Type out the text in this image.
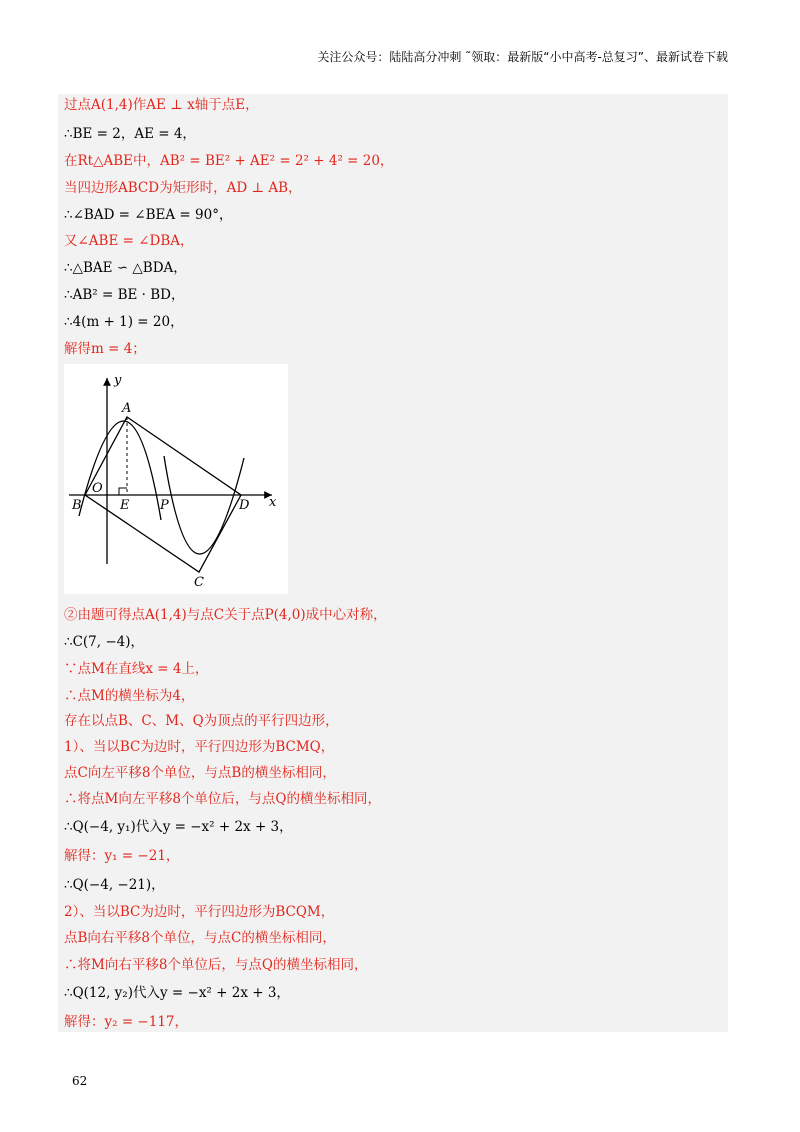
关注公众号：陆陆高分冲刺 ˜领取：最新版“小中高考-总复习”、最新试卷下载
过点A(1,4)作AE ⊥ x轴于点E，
∴BE = 2，AE = 4，
在Rt△ABE中，AB² = BE² + AE² = 2² + 4² = 20，
当四边形ABCD为矩形时，AD ⊥ AB，
∴∠BAD = ∠BEA = 90°，
又∠ABE = ∠DBA，
∴△BAE ∽ △BDA，
∴AB² = BE · BD，
∴4(m + 1) = 20，
解得m = 4；
y
x
A
O
B	E P	D
C
②由题可得点A(1,4)与点C关于点P(4,0)成中心对称，
∴C(7, −4)，
∵点M在直线x = 4上，
∴点M的横坐标为4，
存在以点B、C、M、Q为顶点的平行四边形，
1）、当以BC为边时，平行四边形为BCMQ，
点C向左平移8个单位，与点B的横坐标相同，
∴将点M向左平移8个单位后，与点Q的横坐标相同，
∴Q(−4, y₁)代入y = −x² + 2x + 3，
解得：y₁ = −21，
∴Q(−4, −21)，
2）、当以BC为边时，平行四边形为BCQM，
点B向右平移8个单位，与点C的横坐标相同，
∴将M向右平移8个单位后，与点Q的横坐标相同，
∴Q(12, y₂)代入y = −x² + 2x + 3，
解得：y₂ = −117，
62
